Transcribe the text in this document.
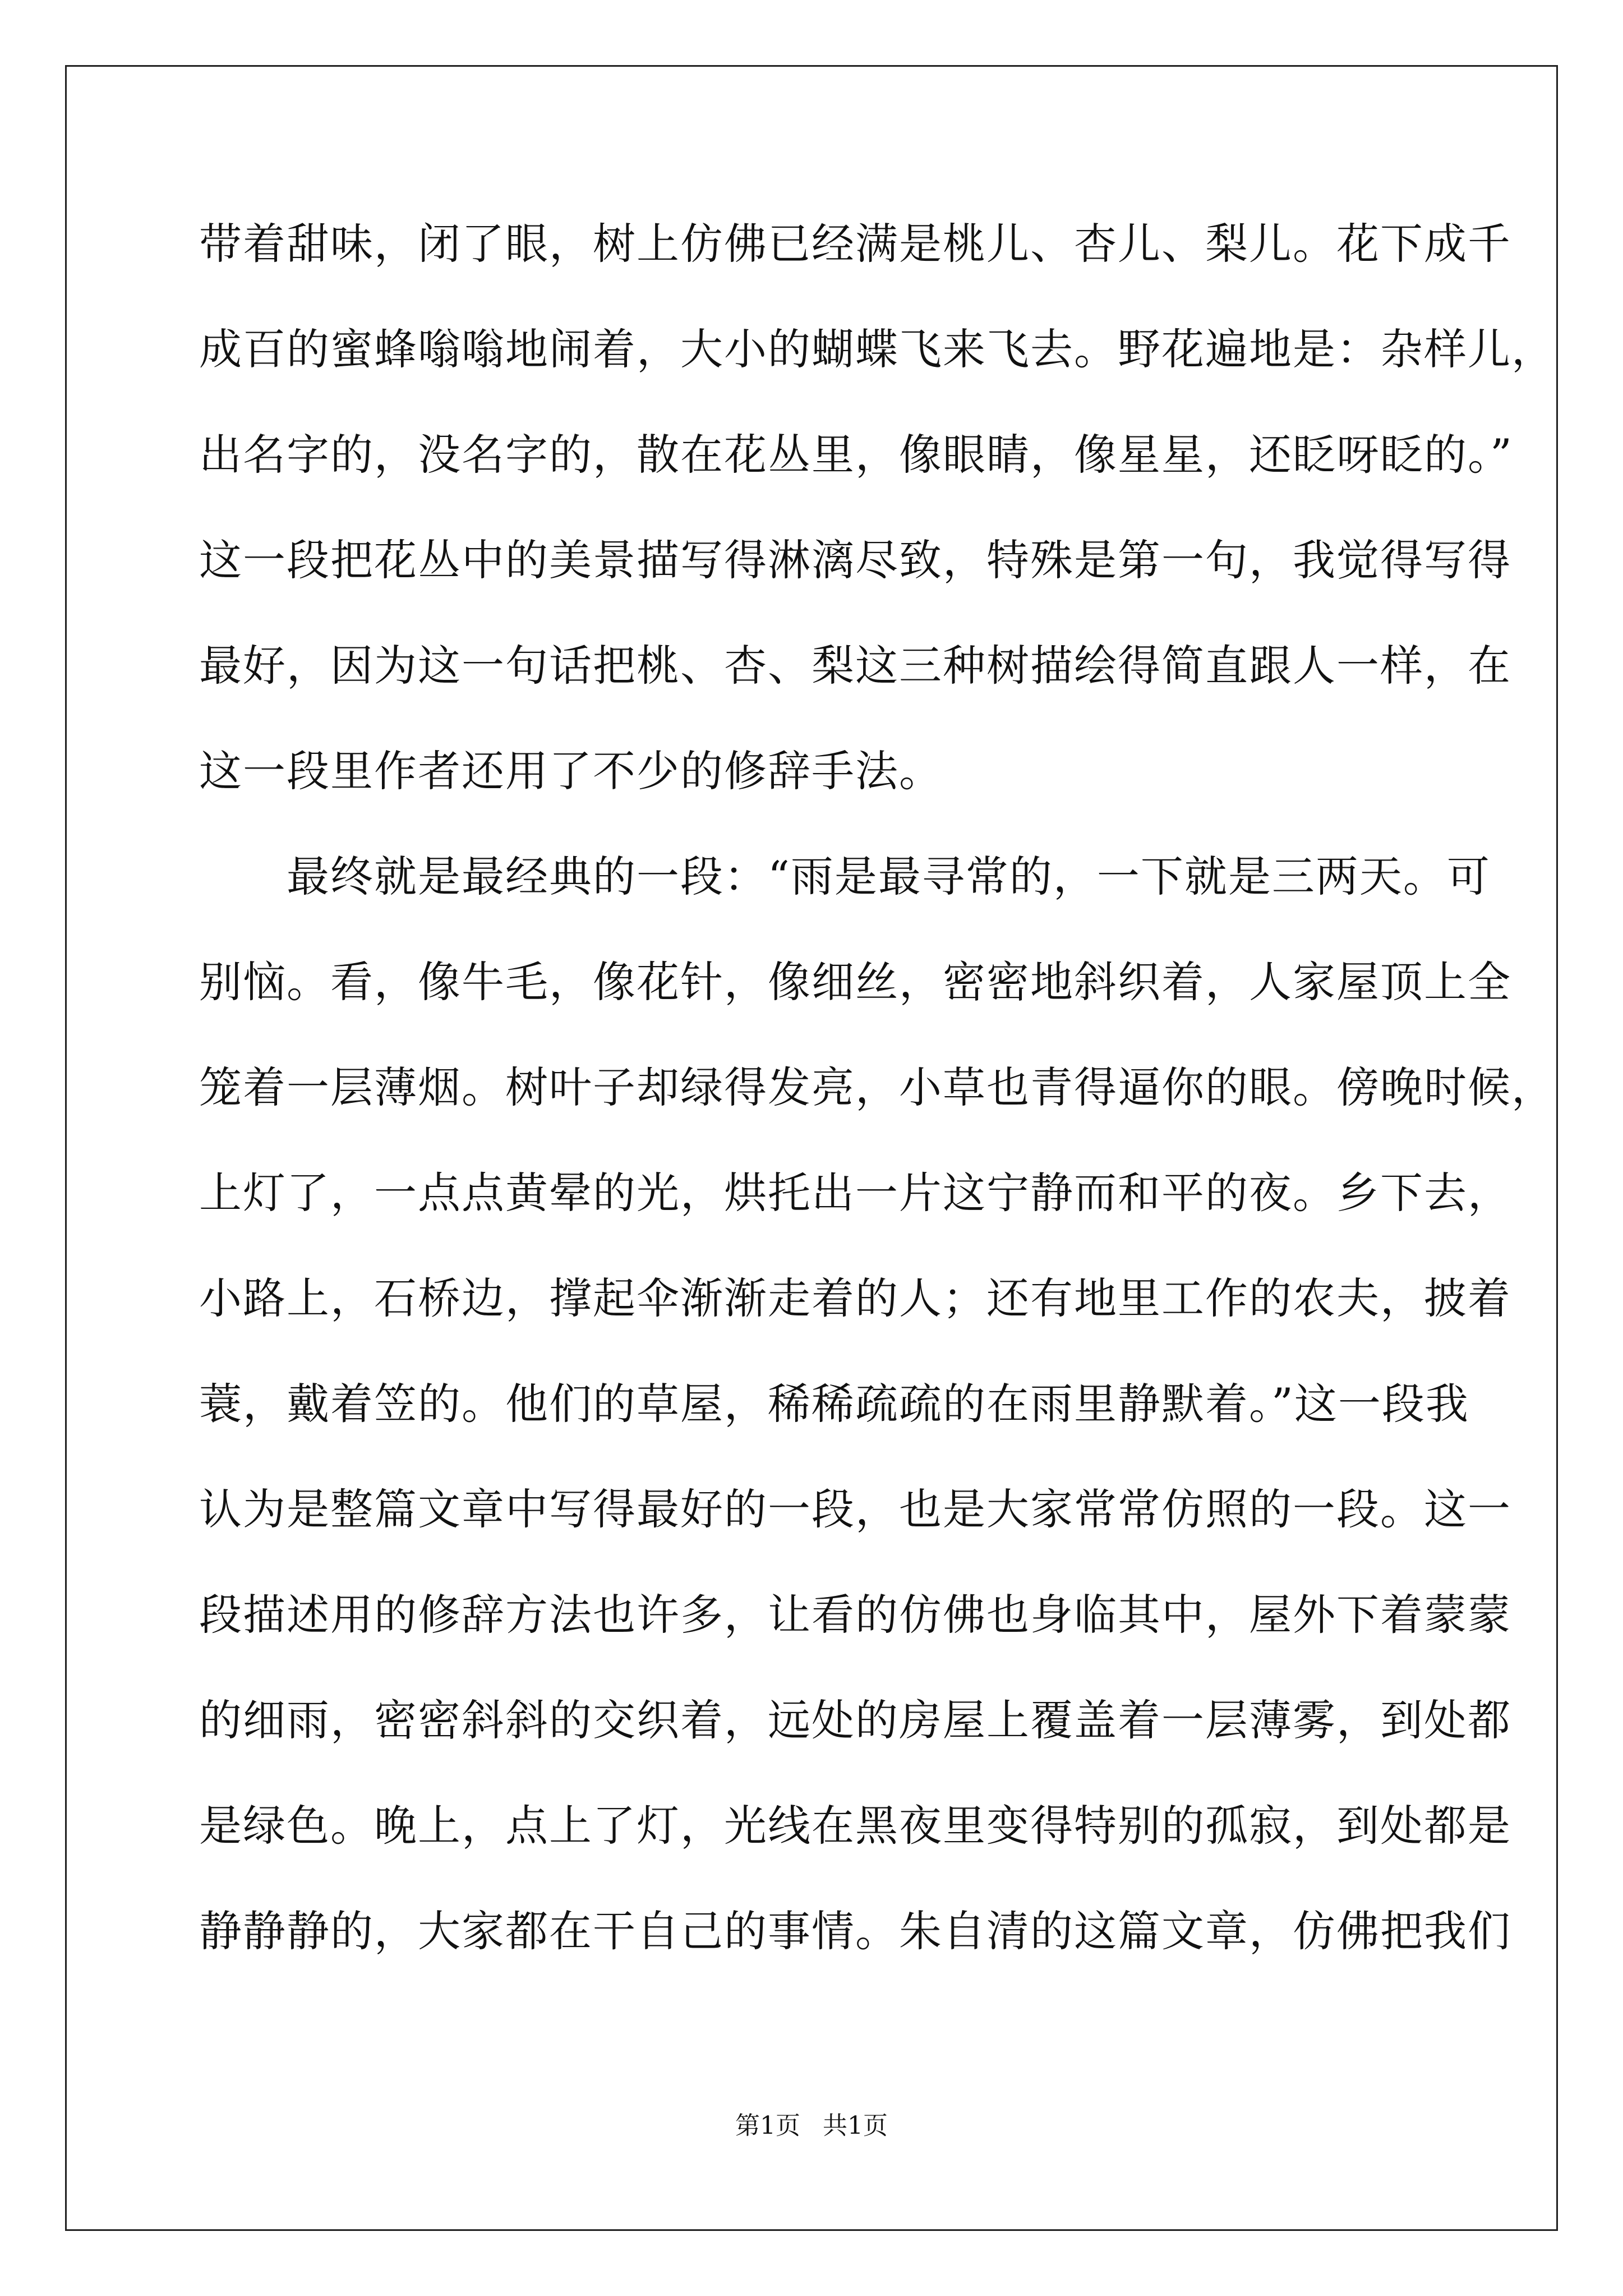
带着甜味，闭了眼，树上仿佛已经满是桃儿、杏儿、梨儿。花下成千
成百的蜜蜂嗡嗡地闹着，大小的蝴蝶飞来飞去。野花遍地是：杂样儿，
出名字的，没名字的，散在花丛里，像眼睛，像星星，还眨呀眨的。”
这一段把花丛中的美景描写得淋漓尽致，特殊是第一句，我觉得写得
最好，因为这一句话把桃、杏、梨这三种树描绘得简直跟人一样，在
这一段里作者还用了不少的修辞手法。
　　最终就是最经典的一段：“雨是最寻常的，一下就是三两天。可
别恼。看，像牛毛，像花针，像细丝，密密地斜织着，人家屋顶上全
笼着一层薄烟。树叶子却绿得发亮，小草也青得逼你的眼。傍晚时候，
上灯了，一点点黄晕的光，烘托出一片这宁静而和平的夜。乡下去，
小路上，石桥边，撑起伞渐渐走着的人；还有地里工作的农夫，披着
蓑，戴着笠的。他们的草屋，稀稀疏疏的在雨里静默着。”这一段我
认为是整篇文章中写得最好的一段，也是大家常常仿照的一段。这一
段描述用的修辞方法也许多，让看的仿佛也身临其中，屋外下着蒙蒙
的细雨，密密斜斜的交织着，远处的房屋上覆盖着一层薄雾，到处都
是绿色。晚上，点上了灯，光线在黑夜里变得特别的孤寂，到处都是
静静静的，大家都在干自己的事情。朱自清的这篇文章，仿佛把我们
第1页 共1页
